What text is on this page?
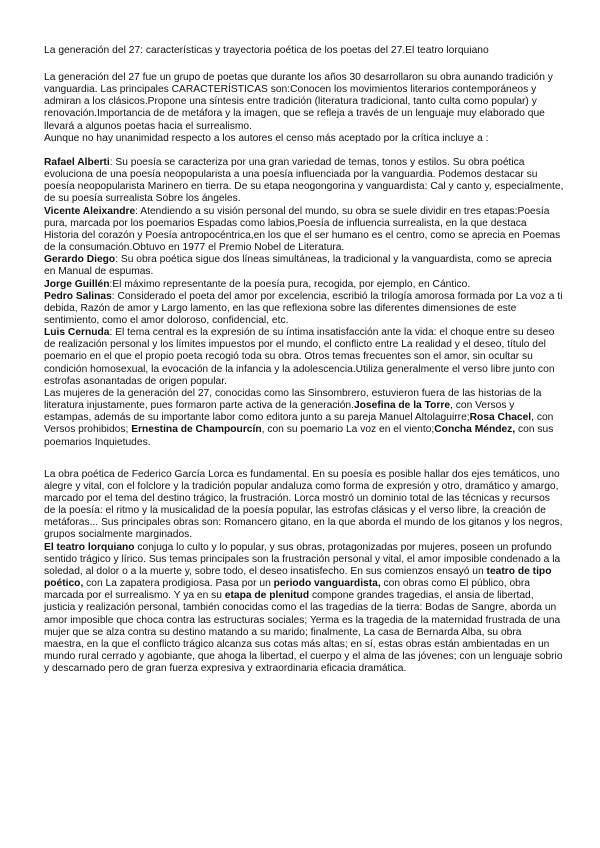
La generación del 27: características y trayectoria poética de los poetas del 27.El teatro lorquiano

La generación del 27 fue un grupo de poetas que durante los años 30 desarrollaron su obra aunando tradición y vanguardia. Las principales CARACTERÍSTICAS son:Conocen los movimientos literarios contemporáneos y admiran a los clásicos.Propone una síntesis entre tradición (literatura tradicional, tanto culta como popular) y renovación.Importancia de de metáfora y la imagen, que se refleja a través de un lenguaje muy elaborado que llevará a algunos poetas hacia el surrealismo.

Aunque no hay unanimidad respecto a los autores el censo más aceptado por la crítica incluye a :

Rafael Alberti: Su poesía se caracteriza por una gran variedad de temas, tonos y estilos. Su obra poética evoluciona de una poesía neopopularista a una poesía influenciada por la vanguardia. Podemos destacar su poesía neopopularista Marinero en tierra. De su etapa neogongorina y vanguardista: Cal y canto y, especialmente, de su poesía surrealista Sobre los ángeles.

Vicente Aleixandre: Atendiendo a su visión personal del mundo, su obra se suele dividir en tres etapas:Poesía pura, marcada por los poemarios Espadas como labios,Poesía de influencia surrealista, en la que destaca Historia del corazón y Poesía antropocéntrica,en los que el ser humano es el centro, como se aprecia en Poemas de la consumación.Obtuvo en 1977 el Premio Nobel de Literatura.

Gerardo Diego: Su obra poética sigue dos líneas simultáneas, la tradicional y la vanguardista, como se aprecia en Manual de espumas.

Jorge Guillén:El máximo representante de la poesía pura, recogida, por ejemplo, en Cántico.

Pedro Salinas: Considerado el poeta del amor por excelencia, escribió la trilogía amorosa formada por La voz a ti debida, Razón de amor y Largo lamento, en las que reflexiona sobre las diferentes dimensiones de este sentimiento, como el amor doloroso, confidencial, etc.

Luis Cernuda: El tema central es la expresión de su íntima insatisfacción ante la vida: el choque entre su deseo de realización personal y los límites impuestos por el mundo, el conflicto entre La realidad y el deseo, título del poemario en el que el propio poeta recogió toda su obra. Otros temas frecuentes son el amor, sin ocultar su condición homosexual, la evocación de la infancia y la adolescencia.Utiliza generalmente el verso libre junto con estrofas asonantadas de origen popular.

Las mujeres de la generación del 27, conocidas como las Sinsombrero, estuvieron fuera de las historias de la literatura injustamente, pues formaron parte activa de la generación.Josefina de la Torre, con Versos y estampas, además de su importante labor como editora junto a su pareja Manuel Altolaguirre;Rosa Chacel, con Versos prohibidos; Ernestina de Champourcín, con su poemario La voz en el viento;Concha Méndez, con sus poemarios Inquietudes.

La obra poética de Federico García Lorca es fundamental. En su poesía es posible hallar dos ejes temáticos, uno alegre y vital, con el folclore y la tradición popular andaluza como forma de expresión y otro, dramático y amargo, marcado por el tema del destino trágico, la frustración. Lorca mostró un dominio total de las técnicas y recursos de la poesía: el ritmo y la musicalidad de la poesía popular, las estrofas clásicas y el verso libre, la creación de metáforas... Sus principales obras son: Romancero gitano, en la que aborda el mundo de los gitanos y los negros, grupos socialmente marginados.

El teatro lorquiano conjuga lo culto y lo popular, y sus obras, protagonizadas por mujeres, poseen un profundo sentido trágico y lírico. Sus temas principales son la frustración personal y vital, el amor imposible condenado a la soledad, al dolor o a la muerte y, sobre todo, el deseo insatisfecho. En sus comienzos ensayó un teatro de tipo poético, con La zapatera prodigiosa. Pasa por un periodo vanguardista, con obras como El público, obra marcada por el surrealismo. Y ya en su etapa de plenitud compone grandes tragedias, el ansia de libertad, justicia y realización personal, también conocidas como el las tragedias de la tierra: Bodas de Sangre, aborda un amor imposible que choca contra las estructuras sociales; Yerma es la tragedia de la maternidad frustrada de una mujer que se alza contra su destino matando a su marido; finalmente, La casa de Bernarda Alba, su obra maestra, en la que el conflicto trágico alcanza sus cotas más altas; en sí, estas obras están ambientadas en un mundo rural cerrado y agobiante, que ahoga la libertad, el cuerpo y el alma de las jóvenes; con un lenguaje sobrio y descarnado pero de gran fuerza expresiva y extraordinaria eficacia dramática.
